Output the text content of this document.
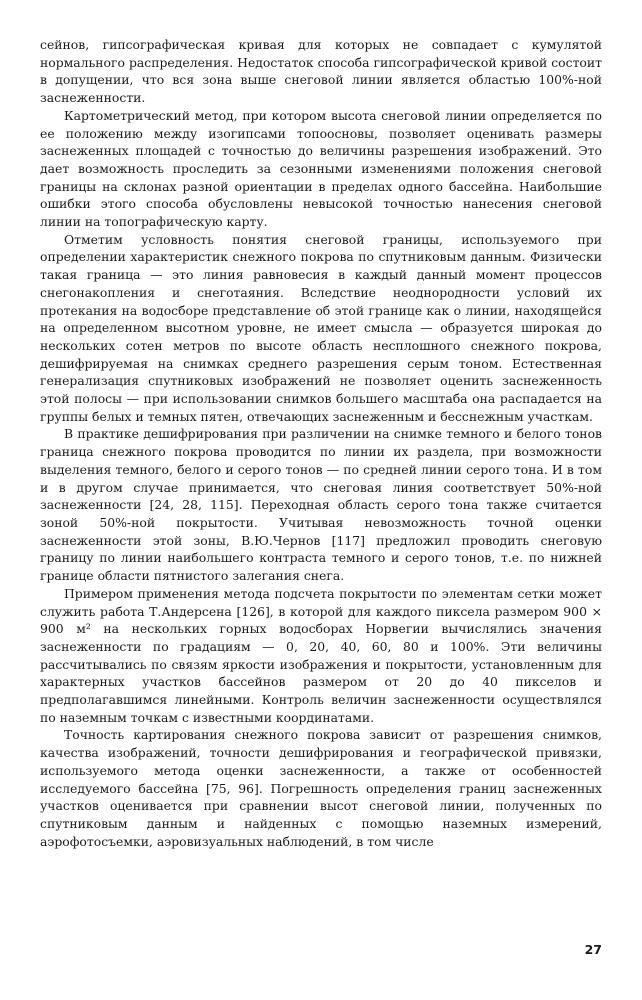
сейнов, гипсографическая кривая для которых не совпадает с кумулятой нормального распределения. Недостаток способа гипсографической кривой состоит в допущении, что вся зона выше снеговой линии является областью 100%-ной заснеженности.

Картометрический метод, при котором высота снеговой линии определяется по ее положению между изогипсами топоосновы, позволяет оценивать размеры заснеженных площадей с точностью до величины разрешения изображений. Это дает возможность проследить за сезонными изменениями положения снеговой границы на склонах разной ориентации в пределах одного бассейна. Наибольшие ошибки этого способа обусловлены невысокой точностью нанесения снеговой линии на топографическую карту.

Отметим условность понятия снеговой границы, используемого при определении характеристик снежного покрова по спутниковым данным. Физически такая граница — это линия равновесия в каждый данный момент процессов снегонакопления и снеготаяния. Вследствие неоднородности условий их протекания на водосборе представление об этой границе как о линии, находящейся на определенном высотном уровне, не имеет смысла — образуется широкая до нескольких сотен метров по высоте область несплошного снежного покрова, дешифрируемая на снимках среднего разрешения серым тоном. Естественная генерализация спутниковых изображений не позволяет оценить заснеженность этой полосы — при использовании снимков большего масштаба она распадается на группы белых и темных пятен, отвечающих заснеженным и бесснежным участкам.

В практике дешифрирования при различении на снимке темного и белого тонов граница снежного покрова проводится по линии их раздела, при возможности выделения темного, белого и серого тонов — по средней линии серого тона. И в том и в другом случае принимается, что снеговая линия соответствует 50%-ной заснеженности [24, 28, 115]. Переходная область серого тона также считается зоной 50%-ной покрытости. Учитывая невозможность точной оценки заснеженности этой зоны, В.Ю.Чернов [117] предложил проводить снеговую границу по линии наибольшего контраста темного и серого тонов, т.е. по нижней границе области пятнистого залегания снега.

Примером применения метода подсчета покрытости по элементам сетки может служить работа Т.Андерсена [126], в которой для каждого пиксела размером 900 × 900 м² на нескольких горных водосборах Норвегии вычислялись значения заснеженности по градациям — 0, 20, 40, 60, 80 и 100%. Эти величины рассчитывались по связям яркости изображения и покрытости, установленным для характерных участков бассейнов размером от 20 до 40 пикселов и предполагавшимся линейными. Контроль величин заснеженности осуществлялся по наземным точкам с известными координатами.

Точность картирования снежного покрова зависит от разрешения снимков, качества изображений, точности дешифрирования и географической привязки, используемого метода оценки заснеженности, а также от особенностей исследуемого бассейна [75, 96]. Погрешность определения границ заснеженных участков оценивается при сравнении высот снеговой линии, полученных по спутниковым данным и найденных с помощью наземных измерений, аэрофотосъемки, аэровизуальных наблюдений, в том числе

27
